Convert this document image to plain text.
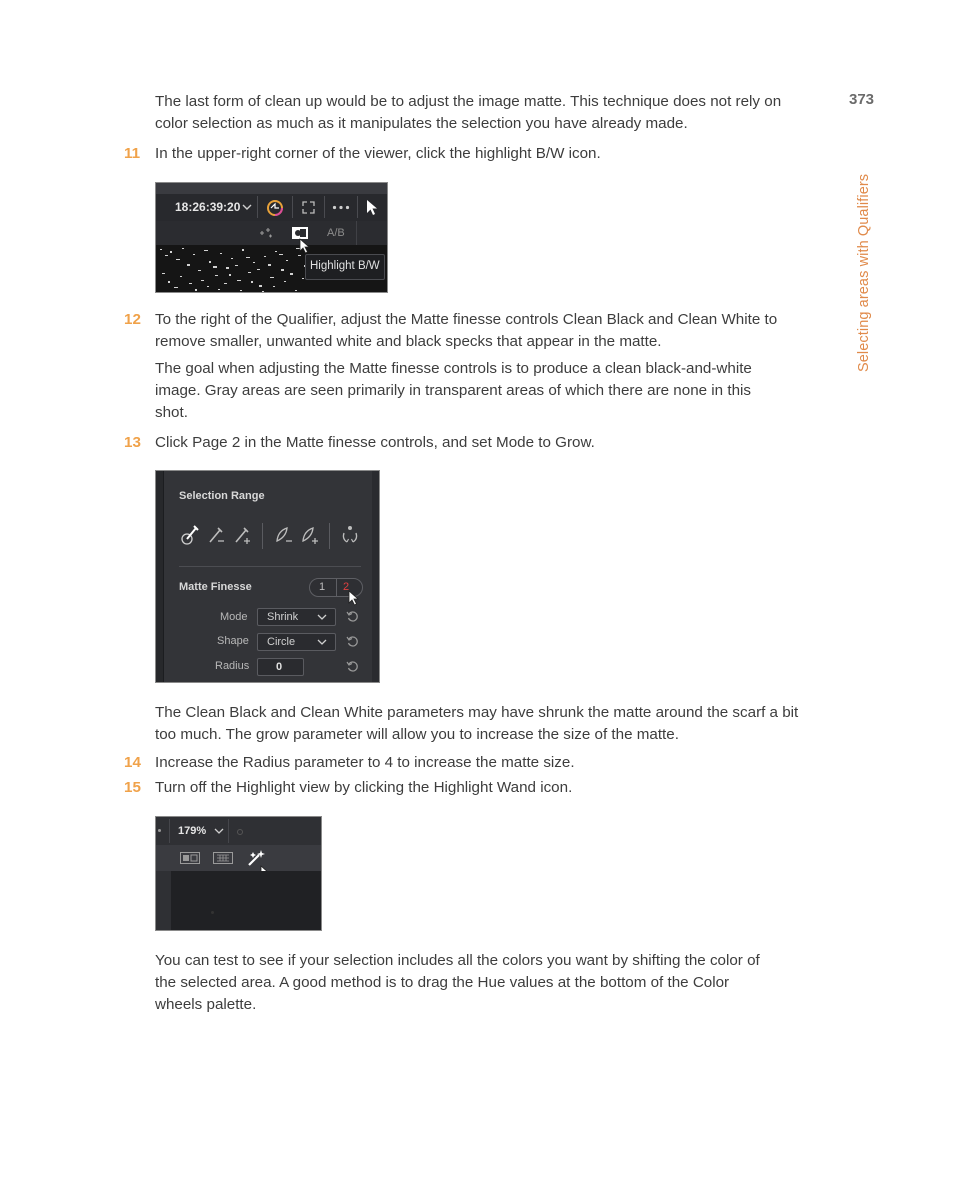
373
Selecting areas with Qualifiers
The last form of clean up would be to adjust the image matte. This technique does not rely on color selection as much as it manipulates the selection you have already made.
11 In the upper-right corner of the viewer, click the highlight B/W icon.
18:26:39:20
A/B
Highlight B/W
12 To the right of the Qualifier, adjust the Matte finesse controls Clean Black and Clean White to remove smaller, unwanted white and black specks that appear in the matte.
The goal when adjusting the Matte finesse controls is to produce a clean black-and-white image. Gray areas are seen primarily in transparent areas of which there are none in this shot.
13 Click Page 2 in the Matte finesse controls, and set Mode to Grow.
Selection Range
Matte Finesse	1 2
Mode Shrink
Shape Circle
Radius 0
The Clean Black and Clean White parameters may have shrunk the matte around the scarf a bit too much. The grow parameter will allow you to increase the size of the matte.
14 Increase the Radius parameter to 4 to increase the matte size.
15 Turn off the Highlight view by clicking the Highlight Wand icon.
179%
You can test to see if your selection includes all the colors you want by shifting the color of the selected area. A good method is to drag the Hue values at the bottom of the Color wheels palette.
